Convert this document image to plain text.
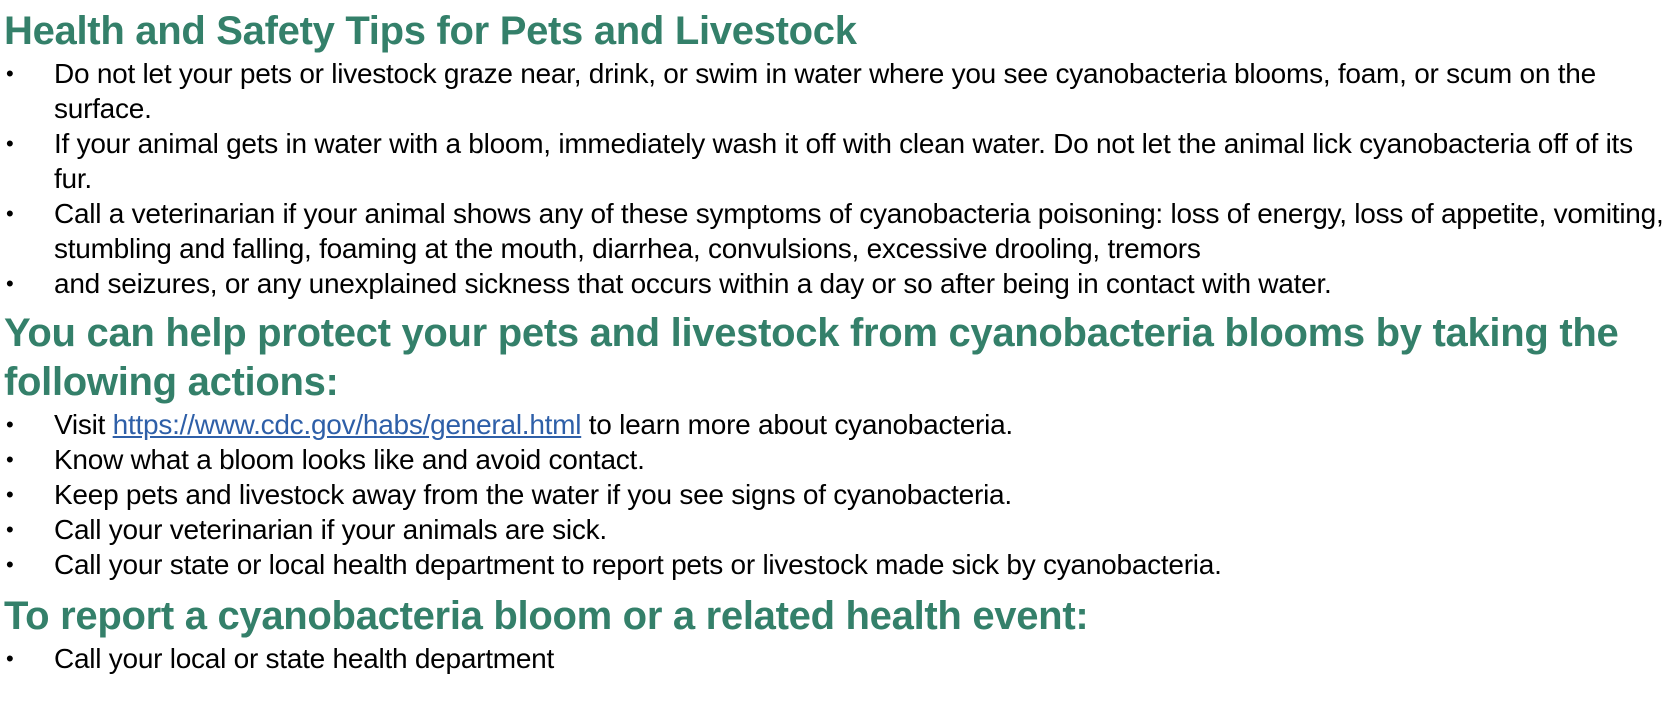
Health and Safety Tips for Pets and Livestock
•	Do not let your pets or livestock graze near, drink, or swim in water where you see cyanobacteria blooms, foam, or scum on the surface.
•	If your animal gets in water with a bloom, immediately wash it off with clean water. Do not let the animal lick cyanobacteria off of its fur.
•	Call a veterinarian if your animal shows any of these symptoms of cyanobacteria poisoning: loss of energy, loss of appetite, vomiting, stumbling and falling, foaming at the mouth, diarrhea, convulsions, excessive drooling, tremors
•	and seizures, or any unexplained sickness that occurs within a day or so after being in contact with water.
You can help protect your pets and livestock from cyanobacteria blooms by taking the following actions:
•	Visit https://www.cdc.gov/habs/general.html to learn more about cyanobacteria.
•	Know what a bloom looks like and avoid contact.
•	Keep pets and livestock away from the water if you see signs of cyanobacteria.
•	Call your veterinarian if your animals are sick.
•	Call your state or local health department to report pets or livestock made sick by cyanobacteria.
To report a cyanobacteria bloom or a related health event:
•	Call your local or state health department
